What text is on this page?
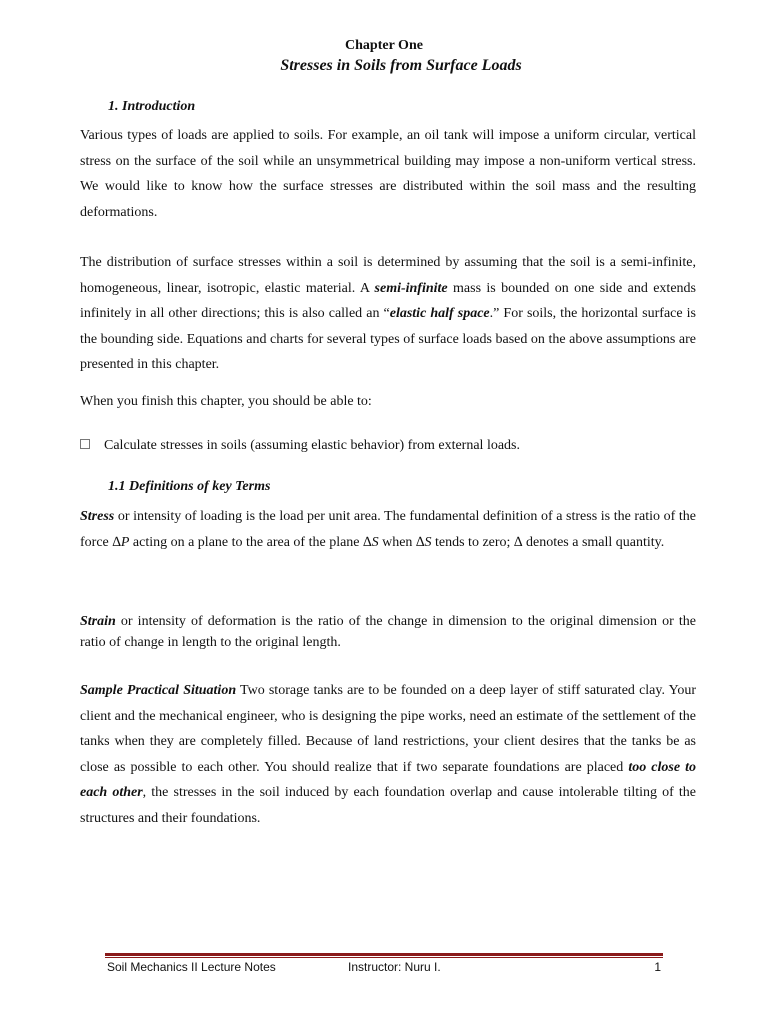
Chapter One
Stresses in Soils from Surface Loads
1. Introduction
Various types of loads are applied to soils. For example, an oil tank will impose a uniform circular, vertical stress on the surface of the soil while an unsymmetrical building may impose a non-uniform vertical stress. We would like to know how the surface stresses are distributed within the soil mass and the resulting deformations.
The distribution of surface stresses within a soil is determined by assuming that the soil is a semi-infinite, homogeneous, linear, isotropic, elastic material. A semi-infinite mass is bounded on one side and extends infinitely in all other directions; this is also called an “elastic half space.” For soils, the horizontal surface is the bounding side. Equations and charts for several types of surface loads based on the above assumptions are presented in this chapter.
When you finish this chapter, you should be able to:
Calculate stresses in soils (assuming elastic behavior) from external loads.
1.1 Definitions of key Terms
Stress or intensity of loading is the load per unit area. The fundamental definition of a stress is the ratio of the force ∆P acting on a plane to the area of the plane ∆S when ∆S tends to zero; ∆ denotes a small quantity.
Strain or intensity of deformation is the ratio of the change in dimension to the original dimension or the ratio of change in length to the original length.
Sample Practical Situation Two storage tanks are to be founded on a deep layer of stiff saturated clay. Your client and the mechanical engineer, who is designing the pipe works, need an estimate of the settlement of the tanks when they are completely filled. Because of land restrictions, your client desires that the tanks be as close as possible to each other. You should realize that if two separate foundations are placed too close to each other, the stresses in the soil induced by each foundation overlap and cause intolerable tilting of the structures and their foundations.
Soil Mechanics II Lecture Notes	Instructor: Nuru I.	1
